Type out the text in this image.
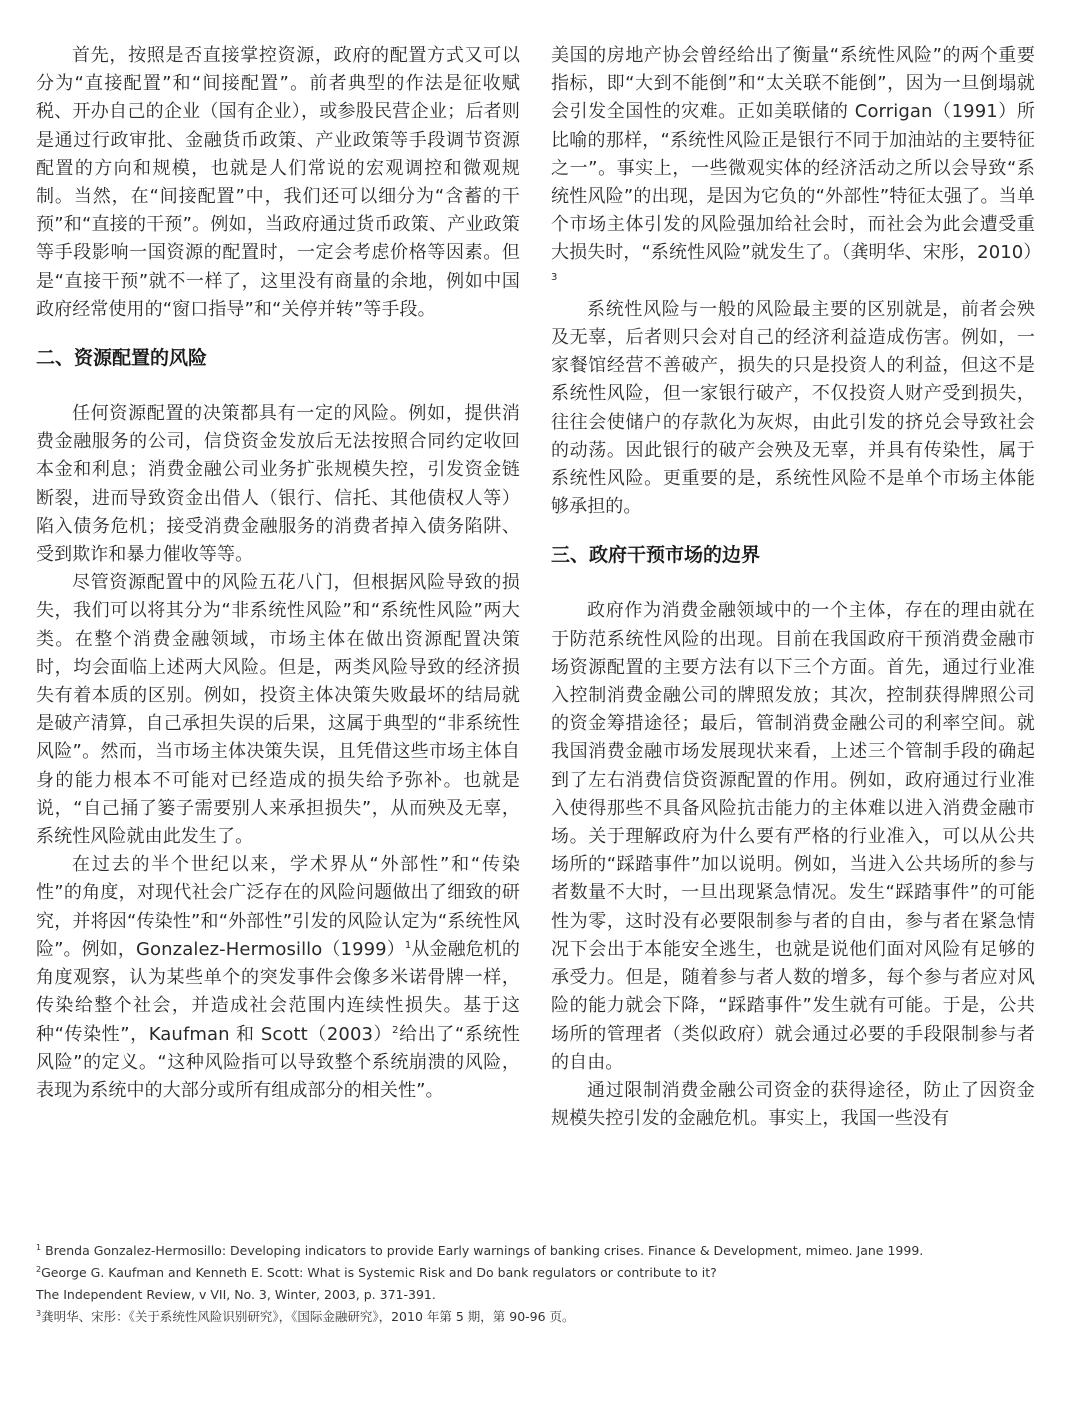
首先，按照是否直接掌控资源，政府的配置方式又可以分为“直接配置”和“间接配置”。前者典型的作法是征收赋税、开办自己的企业（国有企业），或参股民营企业；后者则是通过行政审批、金融货币政策、产业政策等手段调节资源配置的方向和规模，也就是人们常说的宏观调控和微观规制。当然，在“间接配置”中，我们还可以细分为“含蓄的干预”和“直接的干预”。例如，当政府通过货币政策、产业政策等手段影响一国资源的配置时，一定会考虑价格等因素。但是“直接干预”就不一样了，这里没有商量的余地，例如中国政府经常使用的“窗口指导”和“关停并转”等手段。

二、资源配置的风险

任何资源配置的决策都具有一定的风险。例如，提供消费金融服务的公司，信贷资金发放后无法按照合同约定收回本金和利息；消费金融公司业务扩张规模失控，引发资金链断裂，进而导致资金出借人（银行、信托、其他债权人等）陷入债务危机；接受消费金融服务的消费者掉入债务陷阱、受到欺诈和暴力催收等等。

尽管资源配置中的风险五花八门，但根据风险导致的损失，我们可以将其分为“非系统性风险”和“系统性风险”两大类。在整个消费金融领域，市场主体在做出资源配置决策时，均会面临上述两大风险。但是，两类风险导致的经济损失有着本质的区别。例如，投资主体决策失败最坏的结局就是破产清算，自己承担失误的后果，这属于典型的“非系统性风险”。然而，当市场主体决策失误，且凭借这些市场主体自身的能力根本不可能对已经造成的损失给予弥补。也就是说，“自己捅了篓子需要别人来承担损失”，从而殃及无辜，系统性风险就由此发生了。

在过去的半个世纪以来，学术界从“外部性”和“传染性”的角度，对现代社会广泛存在的风险问题做出了细致的研究，并将因“传染性”和“外部性”引发的风险认定为“系统性风险”。例如，Gonzalez-$Hermosillo(1999)^1$从金融危机的角度观察，认为某些单个的突发事件会像多米诺骨牌一样，传染给整个社会，并造成社会范围内连续性损失。基于这种“传染性”，Kaufman 和 $Scott(2003)^2$给出了“系统性风险”的定义。“这种风险指可以导致整个系统崩溃的风险，表现为系统中的大部分或所有组成部分的相关性”。

美国的房地产协会曾经给出了衡量“系统性风险”的两个重要指标，即“大到不能倒”和“太关联不能倒”，因为一旦倒塌就会引发全国性的灾难。正如美联储的 Corrigan（1991）所比喻的那样，“系统性风险正是银行不同于加油站的主要特征之一”。事实上，一些微观实体的经济活动之所以会导致“系统性风险”的出现，是因为它负的“外部性”特征太强了。当单个市场主体引发的风险强加给社会时，而社会为此会遭受重大损失时，“系统性风险”就发生了。（龚明华、宋彤，2010）$^3$

系统性风险与一般的风险最主要的区别就是，前者会殃及无辜，后者则只会对自己的经济利益造成伤害。例如，一家餐馆经营不善破产，损失的只是投资人的利益，但这不是系统性风险，但一家银行破产，不仅投资人财产受到损失，往往会使储户的存款化为灰烬，由此引发的挤兑会导致社会的动荡。因此银行的破产会殃及无辜，并具有传染性，属于系统性风险。更重要的是，系统性风险不是单个市场主体能够承担的。

三、政府干预市场的边界

政府作为消费金融领域中的一个主体，存在的理由就在于防范系统性风险的出现。目前在我国政府干预消费金融市场资源配置的主要方法有以下三个方面。首先，通过行业准入控制消费金融公司的牌照发放；其次，控制获得牌照公司的资金筹措途径；最后，管制消费金融公司的利率空间。就我国消费金融市场发展现状来看，上述三个管制手段的确起到了左右消费信贷资源配置的作用。例如，政府通过行业准入使得那些不具备风险抗击能力的主体难以进入消费金融市场。关于理解政府为什么要有严格的行业准入，可以从公共场所的“踩踏事件”加以说明。例如，当进入公共场所的参与者数量不大时，一旦出现紧急情况。发生“踩踏事件”的可能性为零，这时没有必要限制参与者的自由，参与者在紧急情况下会出于本能安全逃生，也就是说他们面对风险有足够的承受力。但是，随着参与者人数的增多，每个参与者应对风险的能力就会下降，“踩踏事件”发生就有可能。于是，公共场所的管理者（类似政府）就会通过必要的手段限制参与者的自由。

通过限制消费金融公司资金的获得途径，防止了因资金规模失控引发的金融危机。事实上，我国一些没有

$^1$ Brenda Gonzalez-Hermosillo: Developing indicators to provide Early warnings of banking crises. Finance & Development, mimeo. Jane 1999.
$^2$George G. Kaufman and Kenneth E. Scott: What is Systemic Risk and Do bank regulators or contribute to it?
The Independent Review, v VII, No. 3, Winter, 2003, p. 371-391.
$^3$龚明华、宋彤：《关于系统性风险识别研究》，《国际金融研究》，2010 年第 5 期，第 90-96 页。
